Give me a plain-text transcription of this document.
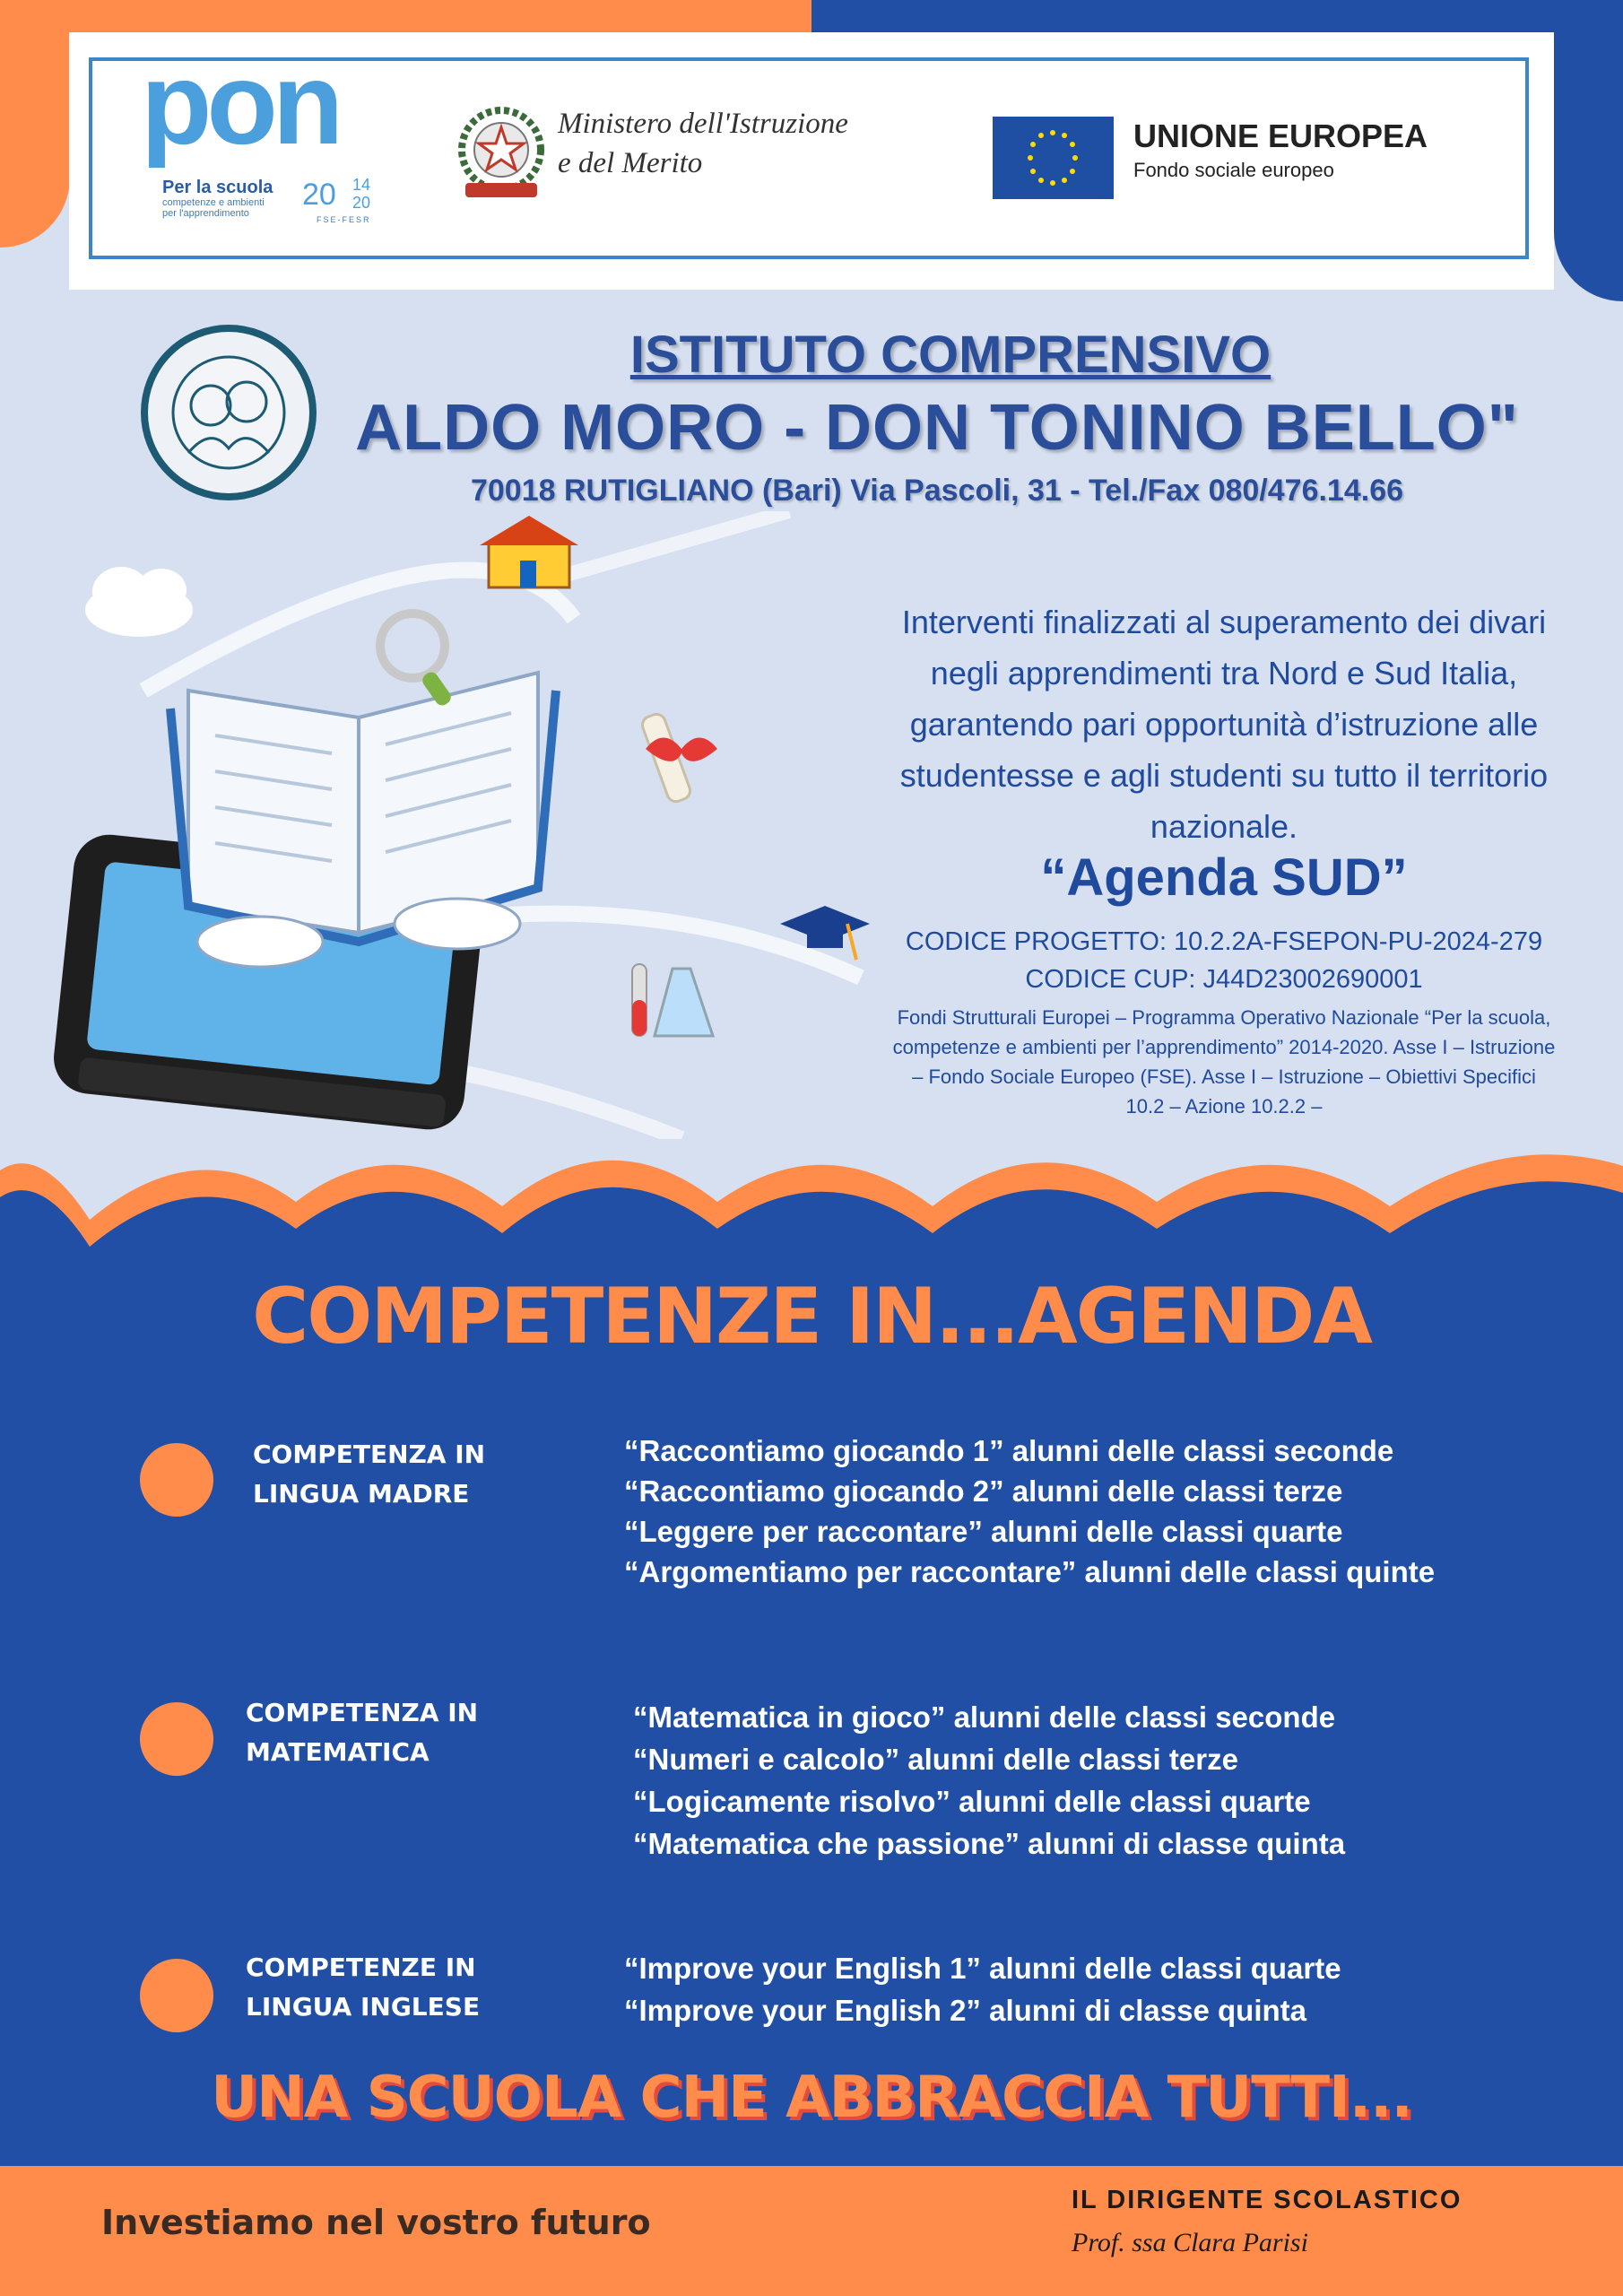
pon
Per la scuola
competenze e ambienti
per l'apprendimento
20 14
20
FSE-FESR
Ministero dell'Istruzione
e del Merito
UNIONE EUROPEA
Fondo sociale europeo
ISTITUTO COMPRENSIVO
ALDO MORO - DON TONINO BELLO"
70018 RUTIGLIANO (Bari) Via Pascoli, 31 - Tel./Fax 080/476.14.66
Interventi finalizzati al superamento dei divari negli apprendimenti tra Nord e Sud Italia, garantendo pari opportunità d’istruzione alle studentesse e agli studenti su tutto il territorio nazionale.
“Agenda SUD”
CODICE PROGETTO: 10.2.2A-FSEPON-PU-2024-279
CODICE CUP: J44D23002690001
Fondi Strutturali Europei – Programma Operativo Nazionale “Per la scuola, competenze e ambienti per l’apprendimento” 2014-2020. Asse I – Istruzione – Fondo Sociale Europeo (FSE). Asse I – Istruzione – Obiettivi Specifici 10.2 – Azione 10.2.2 –
COMPETENZE IN...AGENDA
COMPETENZA IN
LINGUA MADRE
“Raccontiamo giocando 1” alunni delle classi seconde
“Raccontiamo giocando 2” alunni delle classi terze
“Leggere per raccontare” alunni delle classi quarte
“Argomentiamo per raccontare” alunni delle classi quinte
COMPETENZA IN
MATEMATICA
“Matematica in gioco” alunni delle classi seconde
“Numeri e calcolo” alunni delle classi terze
“Logicamente risolvo” alunni delle classi quarte
“Matematica che passione” alunni di classe quinta
COMPETENZE IN
LINGUA INGLESE
“Improve your English 1” alunni delle classi quarte
“Improve your English 2” alunni di classe quinta
UNA SCUOLA CHE ABBRACCIA TUTTI...
Investiamo nel vostro futuro
IL DIRIGENTE SCOLASTICO
Prof. ssa Clara Parisi
